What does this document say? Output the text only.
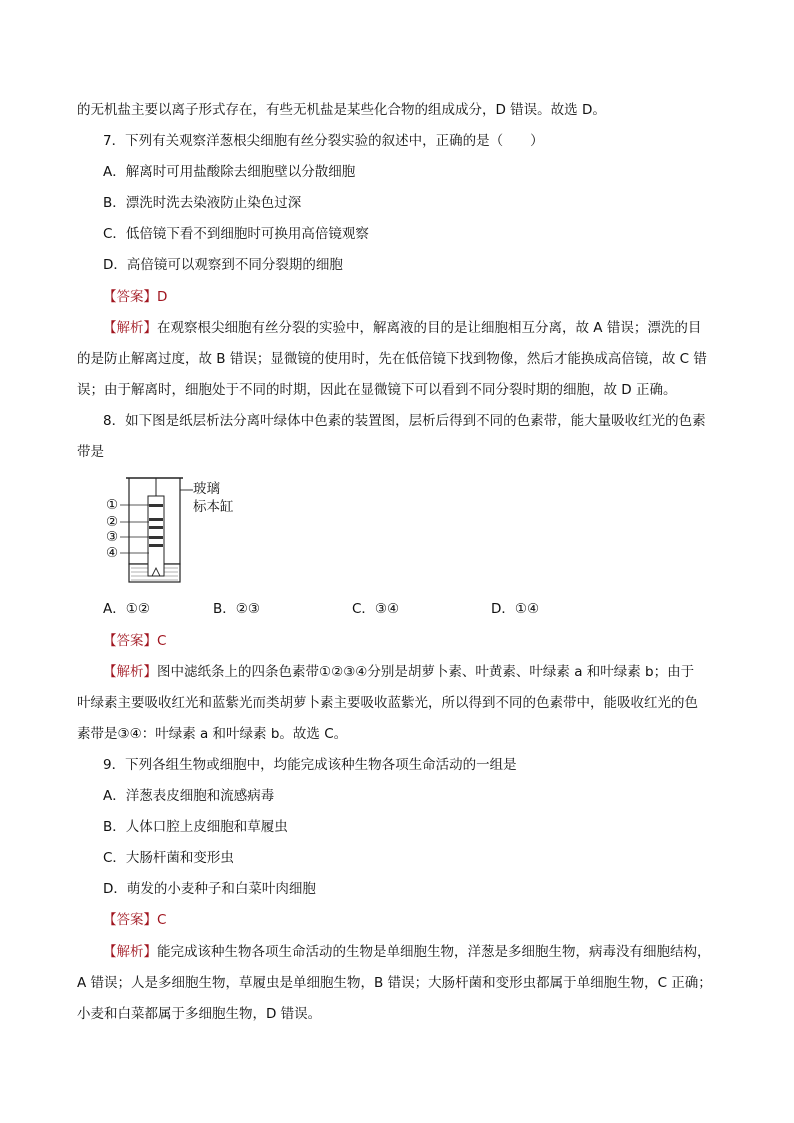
的无机盐主要以离子形式存在，有些无机盐是某些化合物的组成成分，D 错误。故选 D。
7．下列有关观察洋葱根尖细胞有丝分裂实验的叙述中，正确的是（　　）
A．解离时可用盐酸除去细胞壁以分散细胞
B．漂洗时洗去染液防止染色过深
C．低倍镜下看不到细胞时可换用高倍镜观察
D．高倍镜可以观察到不同分裂期的细胞
【答案】D
【解析】在观察根尖细胞有丝分裂的实验中，解离液的目的是让细胞相互分离，故 A 错误；漂洗的目
的是防止解离过度，故 B 错误；显微镜的使用时，先在低倍镜下找到物像，然后才能换成高倍镜，故 C 错
误；由于解离时，细胞处于不同的时期，因此在显微镜下可以看到不同分裂时期的细胞，故 D 正确。
8．如下图是纸层析法分离叶绿体中色素的装置图，层析后得到不同的色素带，能大量吸收红光的色素
带是
①
②
③
④
玻璃
标本缸
A．①②	B．②③	C．③④	D．①④
【答案】C
【解析】图中滤纸条上的四条色素带①②③④分别是胡萝卜素、叶黄素、叶绿素 a 和叶绿素 b；由于
叶绿素主要吸收红光和蓝紫光而类胡萝卜素主要吸收蓝紫光，所以得到不同的色素带中，能吸收红光的色
素带是③④：叶绿素 a 和叶绿素 b。故选 C。
9．下列各组生物或细胞中，均能完成该种生物各项生命活动的一组是
A．洋葱表皮细胞和流感病毒
B．人体口腔上皮细胞和草履虫
C．大肠杆菌和变形虫
D．萌发的小麦种子和白菜叶肉细胞
【答案】C
【解析】能完成该种生物各项生命活动的生物是单细胞生物，洋葱是多细胞生物，病毒没有细胞结构，
A 错误；人是多细胞生物，草履虫是单细胞生物，B 错误；大肠杆菌和变形虫都属于单细胞生物，C 正确；
小麦和白菜都属于多细胞生物，D 错误。
